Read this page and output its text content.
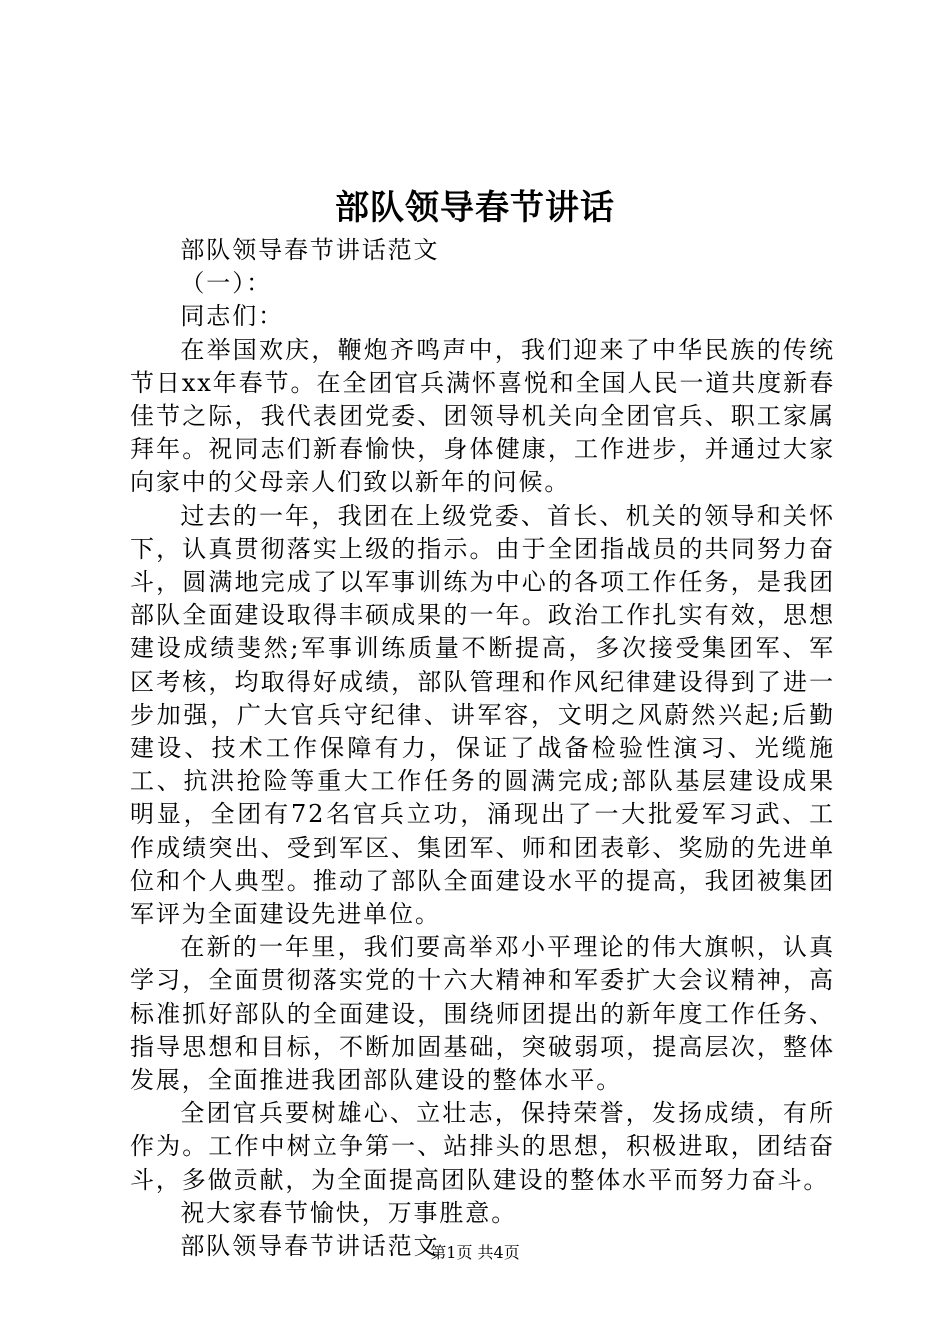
部队领导春节讲话

部队领导春节讲话范文

（一）：

同志们：

在举国欢庆，鞭炮齐鸣声中，我们迎来了中华民族的传统节日xx年春节。在全团官兵满怀喜悦和全国人民一道共度新春佳节之际，我代表团党委、团领导机关向全团官兵、职工家属拜年。祝同志们新春愉快，身体健康，工作进步，并通过大家向家中的父母亲人们致以新年的问候。

过去的一年，我团在上级党委、首长、机关的领导和关怀下，认真贯彻落实上级的指示。由于全团指战员的共同努力奋斗，圆满地完成了以军事训练为中心的各项工作任务，是我团部队全面建设取得丰硕成果的一年。政治工作扎实有效，思想建设成绩斐然;军事训练质量不断提高，多次接受集团军、军区考核，均取得好成绩，部队管理和作风纪律建设得到了进一步加强，广大官兵守纪律、讲军容，文明之风蔚然兴起;后勤建设、技术工作保障有力，保证了战备检验性演习、光缆施工、抗洪抢险等重大工作任务的圆满完成;部队基层建设成果明显，全团有72名官兵立功，涌现出了一大批爱军习武、工作成绩突出、受到军区、集团军、师和团表彰、奖励的先进单位和个人典型。推动了部队全面建设水平的提高，我团被集团军评为全面建设先进单位。

在新的一年里，我们要高举邓小平理论的伟大旗帜，认真学习，全面贯彻落实党的十六大精神和军委扩大会议精神，高标准抓好部队的全面建设，围绕师团提出的新年度工作任务、指导思想和目标，不断加固基础，突破弱项，提高层次，整体发展，全面推进我团部队建设的整体水平。

全团官兵要树雄心、立壮志，保持荣誉，发扬成绩，有所作为。工作中树立争第一、站排头的思想，积极进取，团结奋斗，多做贡献，为全面提高团队建设的整体水平而努力奋斗。

祝大家春节愉快，万事胜意。

部队领导春节讲话范文

第1页 共4页
